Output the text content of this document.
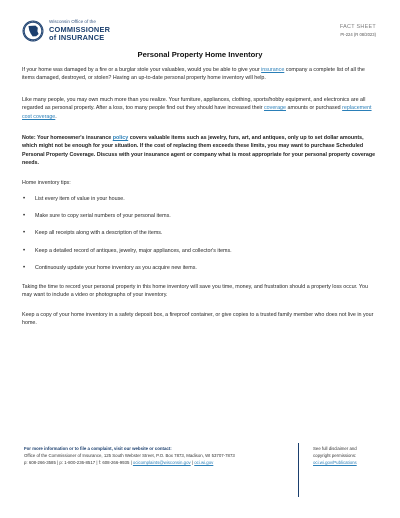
Wisconsin Office of the
COMMISSIONER
of INSURANCE
FACT SHEET
PI-224 (R 08/2023)
Personal Property Home Inventory

If your home was damaged by a fire or a burglar stole your valuables, would you be able to give your insurance company a complete list of all the items damaged, destroyed, or stolen? Having an up-to-date personal property home inventory will help.

Like many people, you may own much more than you realize. Your furniture, appliances, clothing, sports/hobby equipment, and electronics are all regarded as personal property. After a loss, too many people find out they should have increased their coverage amounts or purchased replacement cost coverage.

Note: Your homeowner's insurance policy covers valuable items such as jewelry, furs, art, and antiques, only up to set dollar amounts, which might not be enough for your situation. If the cost of replacing them exceeds these limits, you may want to purchase Scheduled Personal Property Coverage. Discuss with your insurance agent or company what is most appropriate for your personal property coverage needs.

Home inventory tips:

• List every item of value in your house.
• Make sure to copy serial numbers of your personal items.
• Keep all receipts along with a description of the items.
• Keep a detailed record of antiques, jewelry, major appliances, and collector's items.
• Continuously update your home inventory as you acquire new items.

Taking the time to record your personal property in this home inventory will save you time, money, and frustration should a property loss occur. You may want to include a video or photographs of your inventory.

Keep a copy of your home inventory in a safety deposit box, a fireproof container, or give copies to a trusted family member who does not live in your home.

For more information or to file a complaint, visit our website or contact:
Office of the Commissioner of Insurance, 125 South Webster Street, P.O. Box 7873, Madison, WI 53707-7873
p: 608-266-3585 | p: 1-800-236-8517 | f: 608-266-9935 | ocicomplaints@wisconsin.gov | oci.wi.gov
See full disclaimer and
copyright permissions:
oci.wi.gov/Publications
